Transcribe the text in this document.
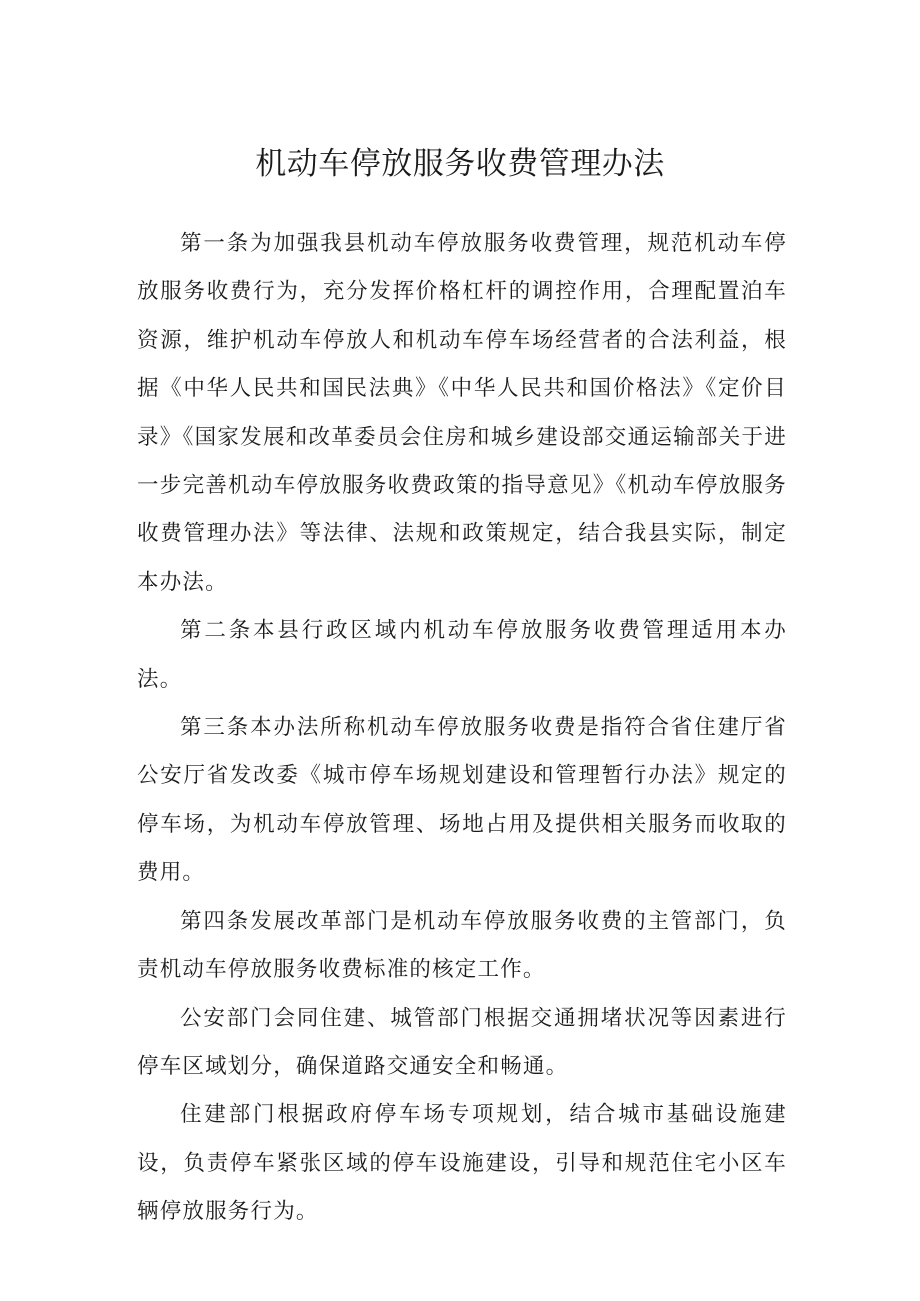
机动车停放服务收费管理办法

第一条为加强我县机动车停放服务收费管理，规范机动车停放服务收费行为，充分发挥价格杠杆的调控作用，合理配置泊车资源，维护机动车停放人和机动车停车场经营者的合法利益，根据《中华人民共和国民法典》《中华人民共和国价格法》《定价目录》《国家发展和改革委员会住房和城乡建设部交通运输部关于进一步完善机动车停放服务收费政策的指导意见》《机动车停放服务收费管理办法》等法律、法规和政策规定，结合我县实际，制定本办法。

第二条本县行政区域内机动车停放服务收费管理适用本办法。

第三条本办法所称机动车停放服务收费是指符合省住建厅省公安厅省发改委《城市停车场规划建设和管理暂行办法》规定的停车场，为机动车停放管理、场地占用及提供相关服务而收取的费用。

第四条发展改革部门是机动车停放服务收费的主管部门，负责机动车停放服务收费标准的核定工作。

公安部门会同住建、城管部门根据交通拥堵状况等因素进行停车区域划分，确保道路交通安全和畅通。

住建部门根据政府停车场专项规划，结合城市基础设施建设，负责停车紧张区域的停车设施建设，引导和规范住宅小区车辆停放服务行为。
